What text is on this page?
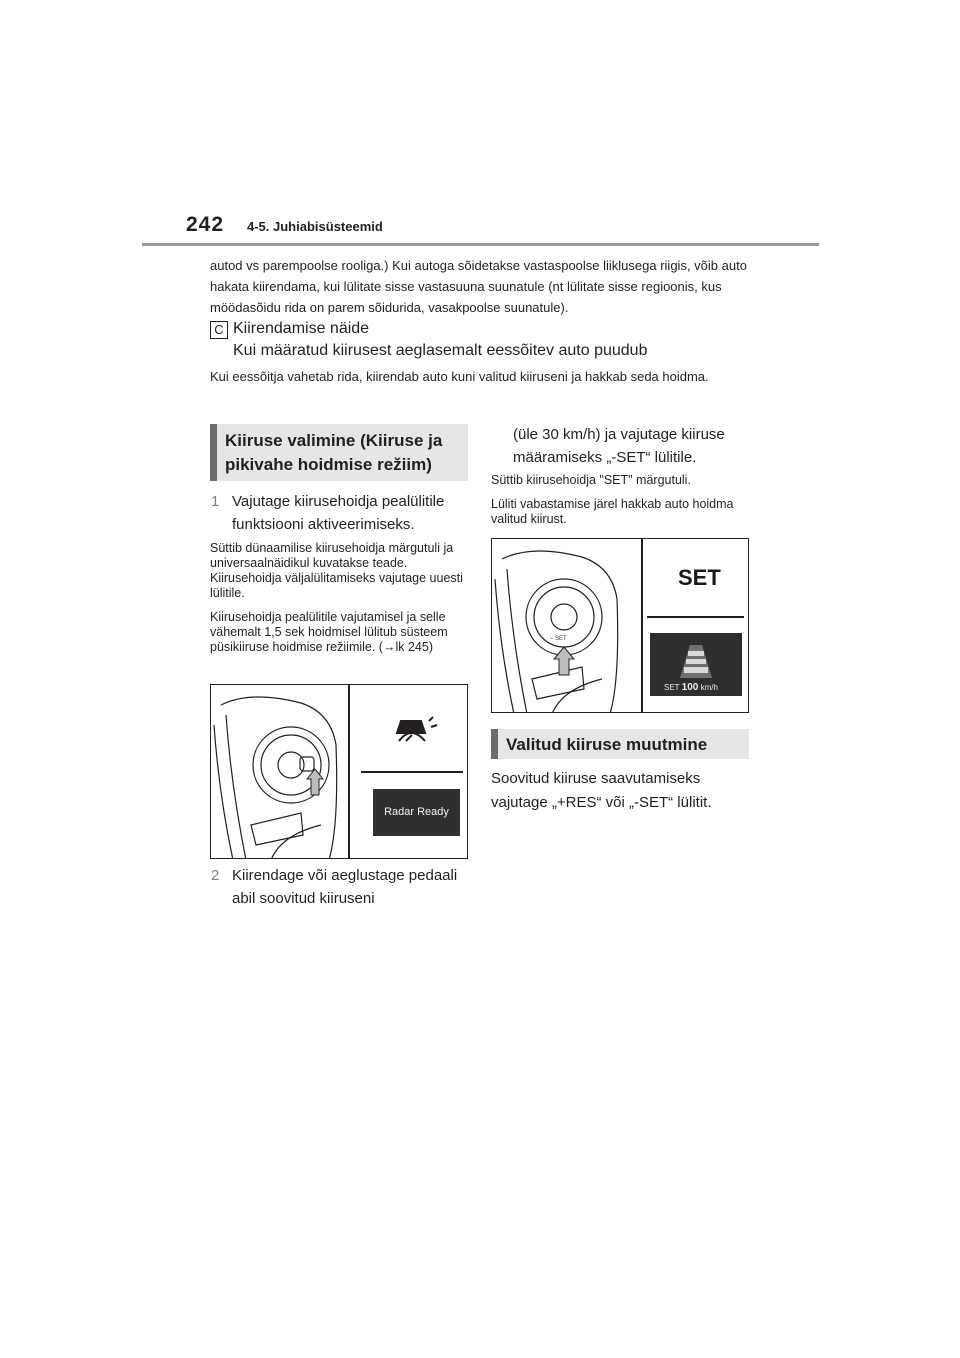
242 4-5. Juhiabisüsteemid

autod vs parempoolse rooliga.) Kui autoga sõidetakse vastaspoolse liiklusega riigis, võib auto hakata kiirendama, kui lülitate sisse vastasuuna suunatule (nt lülitate sisse regioonis, kus möödasõidu rida on parem sõidurida, vasakpoolse suunatule).

C Kiirendamise näide
Kui määratud kiirusest aeglasemalt eessõitev auto puudub

Kui eessõitja vahetab rida, kiirendab auto kuni valitud kiiruseni ja hakkab seda hoidma.

Kiiruse valimine (Kiiruse ja pikivahe hoidmise režiim)
1 Vajutage kiirusehoidja pealülitile funktsiooni aktiveerimiseks.

Süttib dünaamilise kiirusehoidja märgutuli ja universaalnäidikul kuvatakse teade. Kiirusehoidja väljalülitamiseks vajutage uuesti lülitile.

Kiirusehoidja pealülitile vajutamisel ja selle vähemalt 1,5 sek hoidmisel lülitub süsteem püsikiiruse hoidmise režiimile. (→lk 245)

Radar Ready
2 Kiirendage või aeglustage pedaali abil soovitud kiiruseni

(üle 30 km/h) ja vajutage kiiruse määramiseks „-SET“ lülitile.

Süttib kiirusehoidja "SET" märgutuli.

Lüliti vabastamise järel hakkab auto hoidma valitud kiirust.

– SET
SET
SET 100 km/h
Valitud kiiruse muutmine

Soovitud kiiruse saavutamiseks vajutage „+RES“ või „-SET“ lülitit.
